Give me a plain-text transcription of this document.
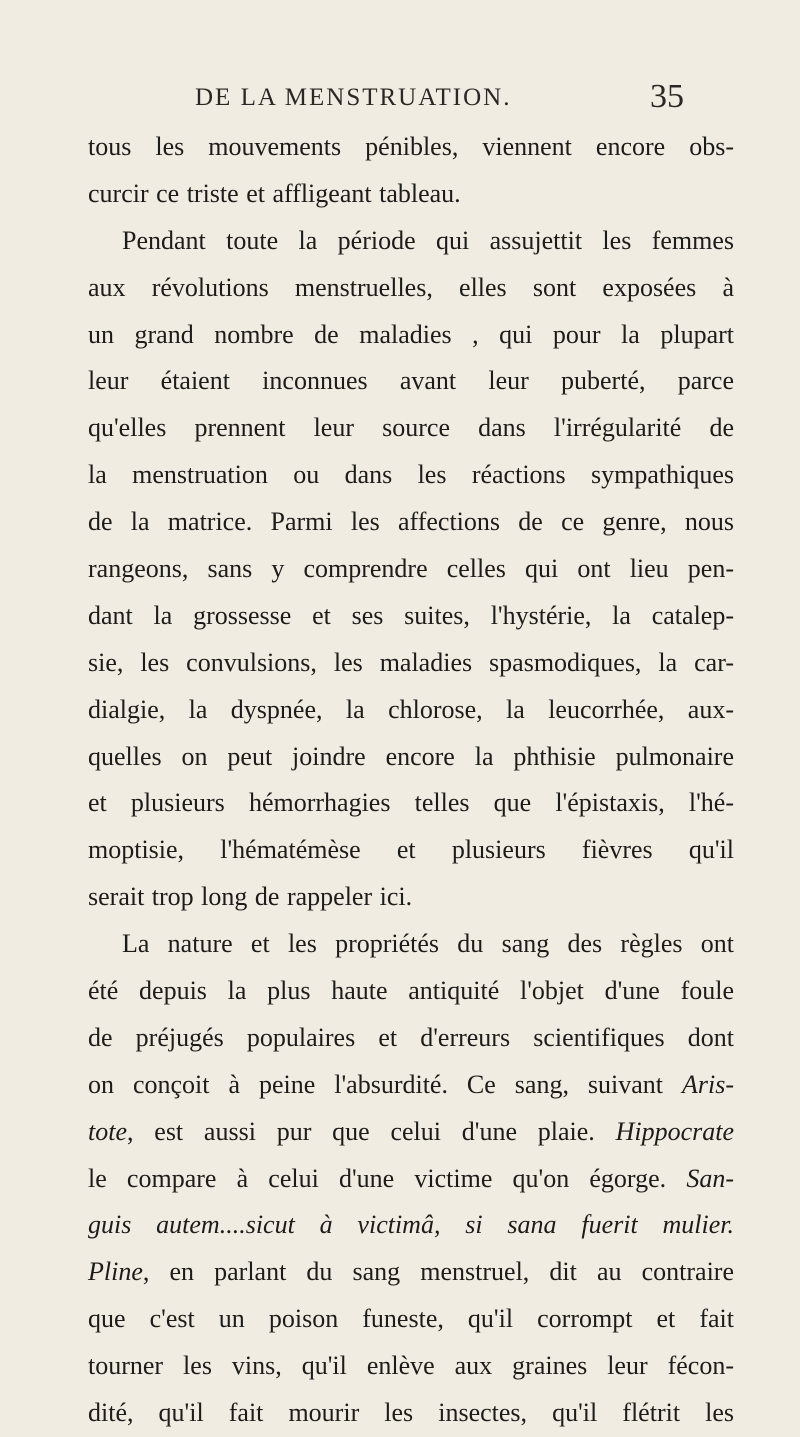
DE LA MENSTRUATION.	35
tous les mouvements pénibles, viennent encore obs-
curcir ce triste et affligeant tableau.
Pendant toute la période qui assujettit les femmes
aux révolutions menstruelles, elles sont exposées à
un grand nombre de maladies , qui pour la plupart
leur étaient inconnues avant leur puberté, parce
qu'elles prennent leur source dans l'irrégularité de
la menstruation ou dans les réactions sympathiques
de la matrice. Parmi les affections de ce genre, nous
rangeons, sans y comprendre celles qui ont lieu pen-
dant la grossesse et ses suites, l'hystérie, la catalep-
sie, les convulsions, les maladies spasmodiques, la car-
dialgie, la dyspnée, la chlorose, la leucorrhée, aux-
quelles on peut joindre encore la phthisie pulmonaire
et plusieurs hémorrhagies telles que l'épistaxis, l'hé-
moptisie, l'hématémèse et plusieurs fièvres qu'il
serait trop long de rappeler ici.
La nature et les propriétés du sang des règles ont
été depuis la plus haute antiquité l'objet d'une foule
de préjugés populaires et d'erreurs scientifiques dont
on conçoit à peine l'absurdité. Ce sang, suivant Aris-
tote, est aussi pur que celui d'une plaie. Hippocrate
le compare à celui d'une victime qu'on égorge. San-
guis autem....sicut à victimâ, si sana fuerit mulier.
Pline, en parlant du sang menstruel, dit au contraire
que c'est un poison funeste, qu'il corrompt et fait
tourner les vins, qu'il enlève aux graines leur fécon-
dité, qu'il fait mourir les insectes, qu'il flétrit les
